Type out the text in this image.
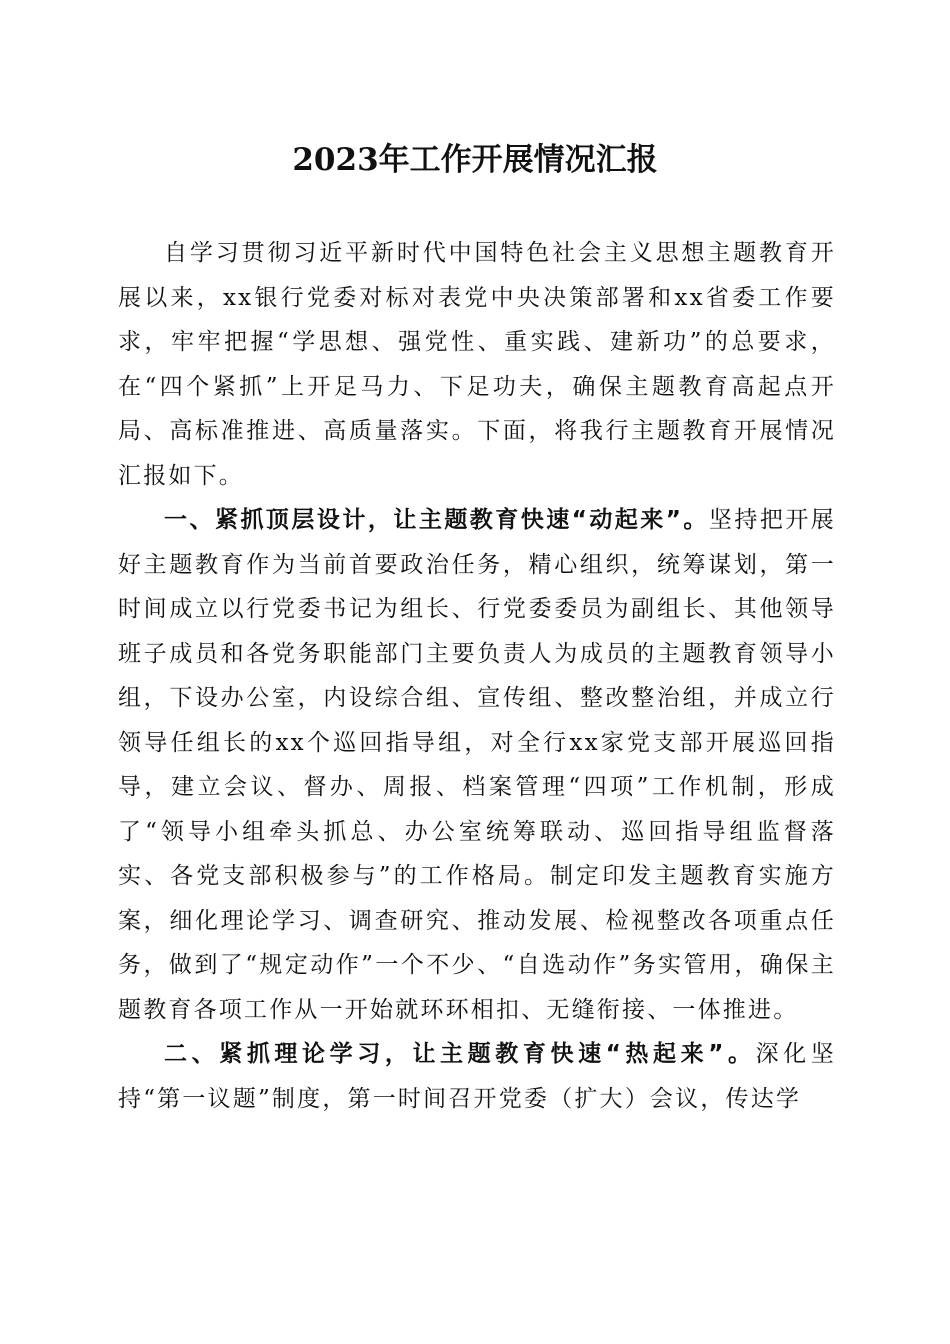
2023年工作开展情况汇报

自学习贯彻习近平新时代中国特色社会主义思想主题教育开展以来，xx银行党委对标对表党中央决策部署和xx省委工作要求，牢牢把握“学思想、强党性、重实践、建新功”的总要求，在“四个紧抓”上开足马力、下足功夫，确保主题教育高起点开局、高标准推进、高质量落实。下面，将我行主题教育开展情况汇报如下。

一、紧抓顶层设计，让主题教育快速“动起来”。坚持把开展好主题教育作为当前首要政治任务，精心组织，统筹谋划，第一时间成立以行党委书记为组长、行党委委员为副组长、其他领导班子成员和各党务职能部门主要负责人为成员的主题教育领导小组，下设办公室，内设综合组、宣传组、整改整治组，并成立行领导任组长的xx个巡回指导组，对全行xx家党支部开展巡回指导，建立会议、督办、周报、档案管理“四项”工作机制，形成了“领导小组牵头抓总、办公室统筹联动、巡回指导组监督落实、各党支部积极参与”的工作格局。制定印发主题教育实施方案，细化理论学习、调查研究、推动发展、检视整改各项重点任务，做到了“规定动作”一个不少、“自选动作”务实管用，确保主题教育各项工作从一开始就环环相扣、无缝衔接、一体推进。

二、紧抓理论学习，让主题教育快速“热起来”。深化坚持“第一议题”制度，第一时间召开党委（扩大）会议，传达学
